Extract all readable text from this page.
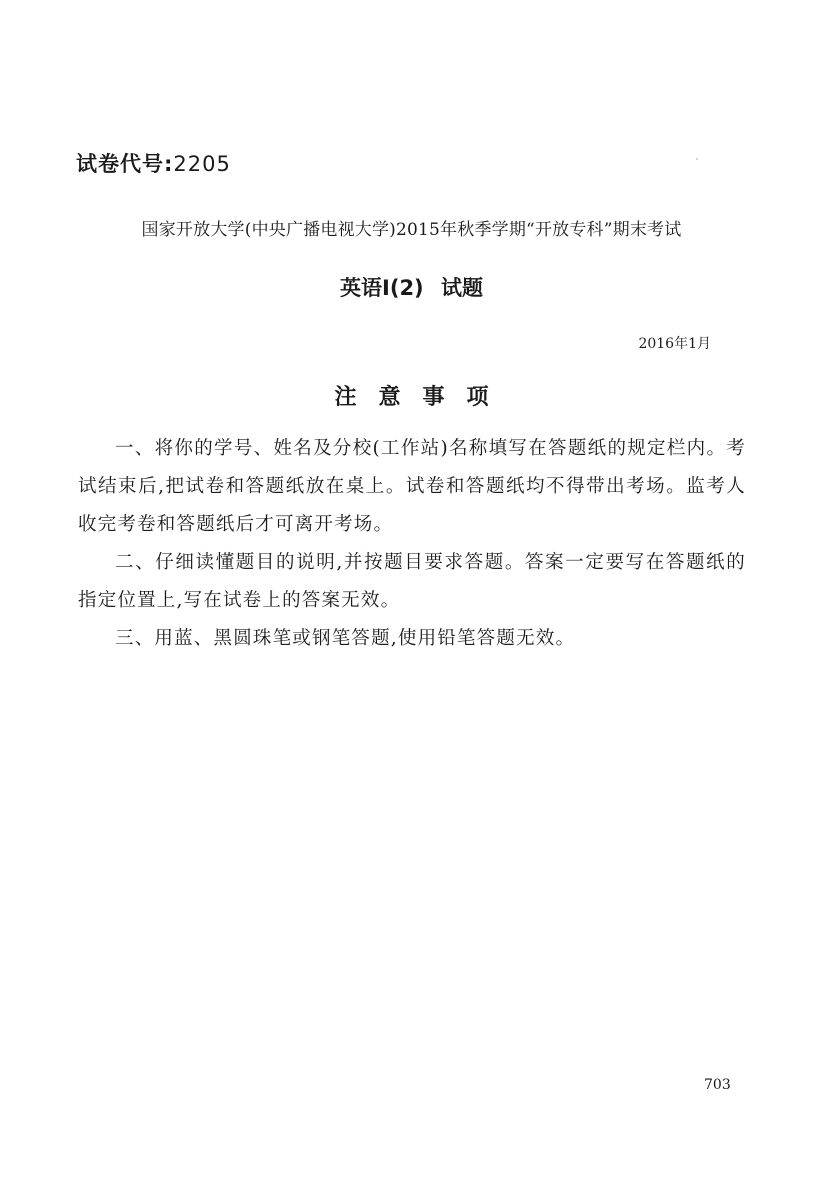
试卷代号:2205
国家开放大学(中央广播电视大学)2015年秋季学期“开放专科”期末考试
英语Ⅰ(2) 试题
2016年1月
注意事项

一、将你的学号、姓名及分校(工作站)名称填写在答题纸的规定栏内。考试结束后,把试卷和答题纸放在桌上。试卷和答题纸均不得带出考场。监考人收完考卷和答题纸后才可离开考场。

二、仔细读懂题目的说明,并按题目要求答题。答案一定要写在答题纸的指定位置上,写在试卷上的答案无效。

三、用蓝、黑圆珠笔或钢笔答题,使用铅笔答题无效。

703
